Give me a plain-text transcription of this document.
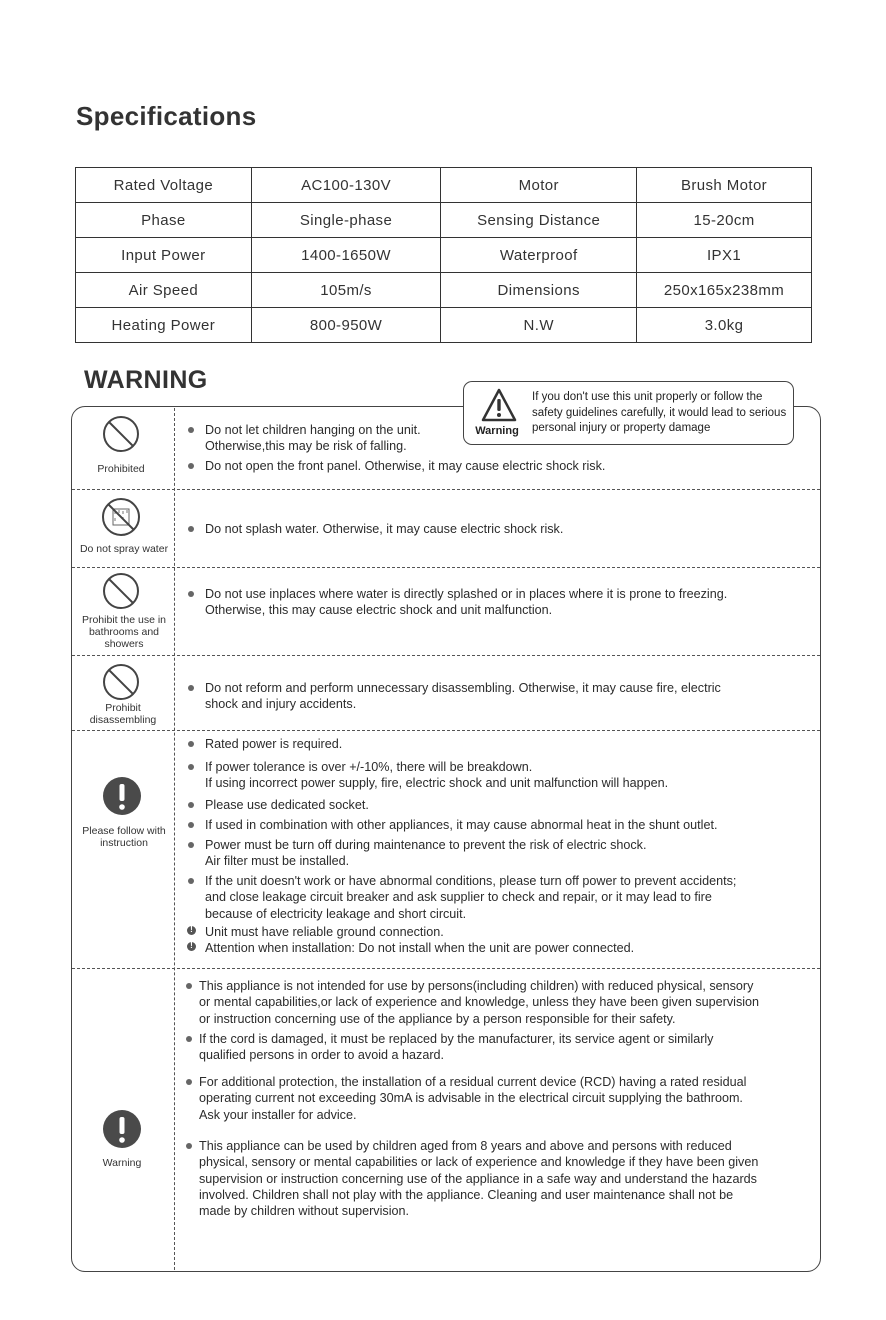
Specifications
Rated Voltage	AC100-130V	Motor	Brush Motor
Phase	Single-phase	Sensing Distance	15-20cm
Input Power	1400-1650W	Waterproof	IPX1
Air Speed	105m/s	Dimensions	250x165x238mm
Heating Power	800-950W	N.W	3.0kg
WARNING
Warning
If you don't use this unit properly or follow the safety guidelines carefully, it would lead to serious personal injury or property damage
Prohibited
Do not let children hanging on the unit.
Otherwise,this may be risk of falling.
Do not open the front panel. Otherwise, it may cause electric shock risk.
Do not spray water
Do not splash water. Otherwise, it may cause electric shock risk.
Prohibit the use in bathrooms and showers
Do not use inplaces where water is directly splashed or in places where it is prone to freezing.
Otherwise, this may cause electric shock and unit malfunction.
Prohibit disassembling
Do not reform and perform unnecessary disassembling. Otherwise, it may cause fire, electric
shock and injury accidents.
Please follow with instruction
Rated power is required.
If power tolerance is over +/-10%, there will be breakdown.
If using incorrect power supply, fire, electric shock and unit malfunction will happen.
Please use dedicated socket.
If used in combination with other appliances, it may cause abnormal heat in the shunt outlet.
Power must be turn off during maintenance to prevent the risk of electric shock.
Air filter must be installed.
If the unit doesn't work or have abnormal conditions, please turn off power to prevent accidents;
and close leakage circuit breaker and ask supplier to check and repair, or it may lead to fire
because of electricity leakage and short circuit.
!
Unit must have reliable ground connection.
!
Attention when installation: Do not install when the unit are power connected.
Warning
This appliance is not intended for use by persons(including children) with reduced physical, sensory
or mental capabilities,or lack of experience and knowledge, unless they have been given supervision
or instruction concerning use of the appliance by a person responsible for their safety.
If the cord is damaged, it must be replaced by the manufacturer, its service agent or similarly
qualified persons in order to avoid a hazard.
For additional protection, the installation of a residual current device (RCD) having a rated residual
operating current not exceeding 30mA is advisable in the electrical circuit supplying the bathroom.
Ask your installer for advice.
This appliance can be used by children aged from 8 years and above and persons with reduced
physical, sensory or mental capabilities or lack of experience and knowledge if they have been given
supervision or instruction concerning use of the appliance in a safe way and understand the hazards
involved. Children shall not play with the appliance. Cleaning and user maintenance shall not be
made by children without supervision.
